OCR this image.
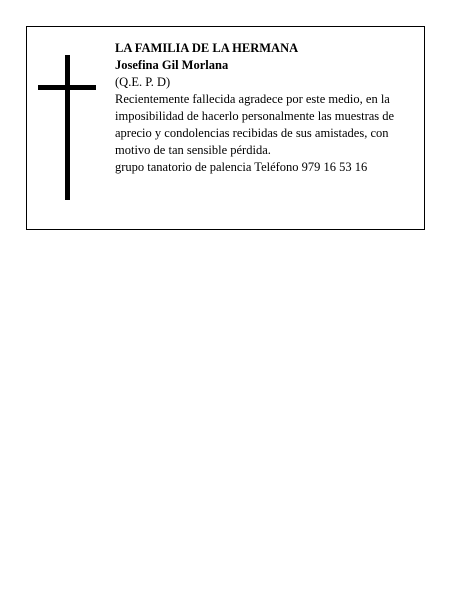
LA FAMILIA DE LA HERMANA

Josefina Gil Morlana

(Q.E. P. D)

Recientemente fallecida agradece por este medio, en la imposibilidad de hacerlo personalmente las muestras de aprecio y condolencias recibidas de sus amistades, con motivo de tan sensible pérdida.

grupo tanatorio de palencia Teléfono 979 16 53 16
